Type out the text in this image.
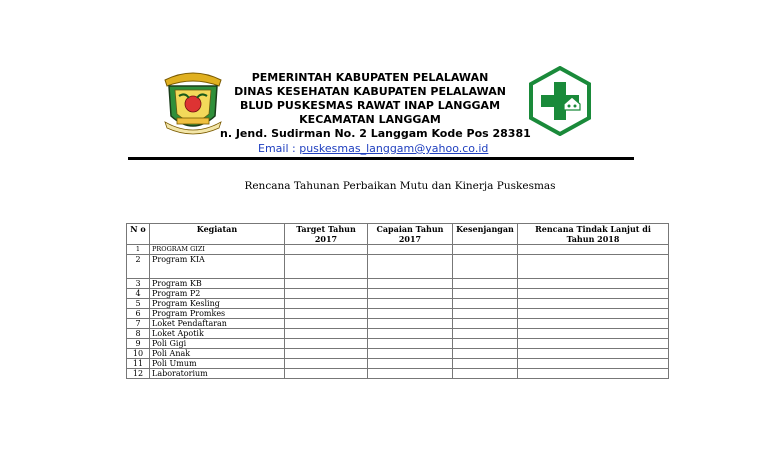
PEMERINTAH KABUPATEN PELALAWAN
DINAS KESEHATAN KABUPATEN PELALAWAN
BLUD PUSKESMAS RAWAT INAP LANGGAM
KECAMATAN LANGGAM
n. Jend. Sudirman No. 2 Langgam Kode Pos 28381
Email : puskesmas_langgam@yahoo.co.id
Rencana Tahunan Perbaikan Mutu dan Kinerja Puskesmas
N o	Kegiatan	Target Tahun 2017	Capaian Tahun 2017	Kesenjangan	Rencana Tindak Lanjut di Tahun 2018
1	PROGRAM GIZI				
2	Program KIA				
3	Program KB				
4	Program P2				
5	Program Kesling				
6	Program Promkes				
7	Loket Pendaftaran				
8	Loket Apotik				
9	Poli Gigi				
10	Poli Anak				
11	Poli Umum				
12	Laboratorium				
